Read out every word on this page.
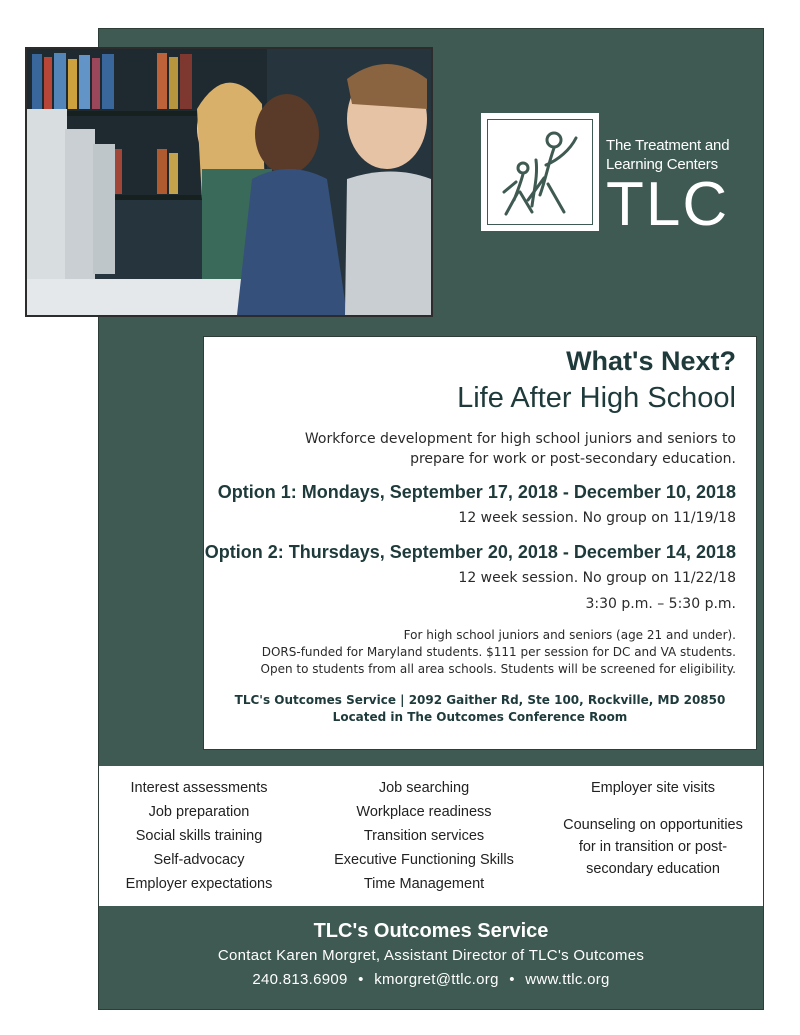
The Treatment and
Learning Centers
TLC
What's Next?
Life After High School
Workforce development for high school juniors and seniors to
prepare for work or post-secondary education.
Option 1: Mondays, September 17, 2018 - December 10, 2018
12 week session. No group on 11/19/18
Option 2: Thursdays, September 20, 2018 - December 14, 2018
12 week session. No group on 11/22/18
3:30 p.m. – 5:30 p.m.
For high school juniors and seniors (age 21 and under).
DORS-funded for Maryland students. $111 per session for DC and VA students.
Open to students from all area schools. Students will be screened for eligibility.
TLC's Outcomes Service | 2092 Gaither Rd, Ste 100, Rockville, MD 20850
Located in The Outcomes Conference Room
Interest assessments
Job preparation
Social skills training
Self-advocacy
Employer expectations
Job searching
Workplace readiness
Transition services
Executive Functioning Skills
Time Management
Employer site visits
Counseling on opportunities
for in transition or post-
secondary education
TLC's Outcomes Service
Contact Karen Morgret, Assistant Director of TLC's Outcomes
240.813.6909 • kmorgret@ttlc.org • www.ttlc.org
